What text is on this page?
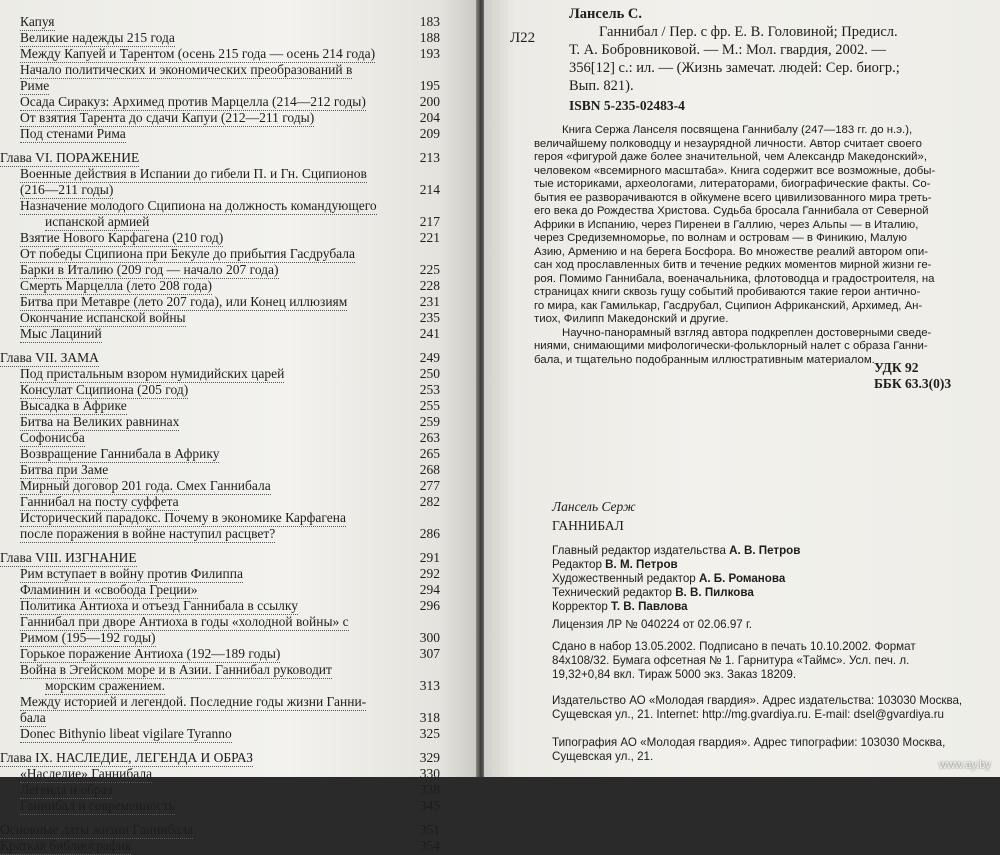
Капуя	183
Великие надежды 215 года	188
Между Капуей и Тарентом (осень 215 года — осень 214 года)	193
Начало политических и экономических преобразований в
Риме	195
Осада Сиракуз: Архимед против Марцелла (214—212 годы)	200
От взятия Тарента до сдачи Капуи (212—211 годы)	204
Под стенами Рима	209
Глава VI. ПОРАЖЕНИЕ	213
Военные действия в Испании до гибели П. и Гн. Сципионов
(216—211 годы)	214
Назначение молодого Сципиона на должность командующего
испанской армией	217
Взятие Нового Карфагена (210 год)	221
От победы Сципиона при Бекуле до прибытия Гасдрубала
Барки в Италию (209 год — начало 207 года)	225
Смерть Марцелла (лето 208 года)	228
Битва при Метавре (лето 207 года), или Конец иллюзиям	231
Окончание испанской войны	235
Мыс Лациний	241
Глава VII. ЗАМА	249
Под пристальным взором нумидийских царей	250
Консулат Сципиона (205 год)	253
Высадка в Африке	255
Битва на Великих равнинах	259
Софонисба	263
Возвращение Ганнибала в Африку	265
Битва при Заме	268
Мирный договор 201 года. Смех Ганнибала	277
Ганнибал на посту суффета	282
Исторический парадокс. Почему в экономике Карфагена
после поражения в войне наступил расцвет?	286
Глава VIII. ИЗГНАНИЕ	291
Рим вступает в войну против Филиппа	292
Фламинин и «свобода Греции»	294
Политика Антиоха и отъезд Ганнибала в ссылку	296
Ганнибал при дворе Антиоха в годы «холодной войны» с
Римом (195—192 годы)	300
Горькое поражение Антиоха (192—189 годы)	307
Война в Эгейском море и в Азии. Ганнибал руководит
морским сражением.	313
Между историей и легендой. Последние годы жизни Ганни-
бала	318
Donec Bithynio libeat vigilare Tyranno	325
Глава IX. НАСЛЕДИЕ, ЛЕГЕНДА И ОБРАЗ	329
«Наследие» Ганнибала	330
Легенда и образ	338
Ганнибал и современность	345
Основные даты жизни Ганнибала	351
Краткая библиография	354
Л22
Лансель С.
Ганнибал / Пер. с фр. Е. В. Головиной; Предисл.
Т. А. Бобровниковой. — М.: Мол. гвардия, 2002. —
356[12] с.: ил. — (Жизнь замечат. людей: Сер. биогр.;
Вып. 821).
ISBN 5-235-02483-4
Книга Сержа Ланселя посвящена Ганнибалу (247—183 гг. до н.э.),
величайшему полководцу и незаурядной личности. Автор считает своего
героя «фигурой даже более значительной, чем Александр Македонский»,
человеком «всемирного масштаба». Книга содержит все возможные, добы-
тые историками, археологами, литераторами, биографические факты. Со-
бытия ее разворачиваются в ойкумене всего цивилизованного мира треть-
его века до Рождества Христова. Судьба бросала Ганнибала от Северной
Африки в Испанию, через Пиренеи в Галлию, через Альпы — в Италию,
через Средиземноморье, по волнам и островам — в Финикию, Малую
Азию, Армению и на берега Босфора. Во множестве реалий автором опи-
сан ход прославленных битв и течение редких моментов мирной жизни ге-
роя. Помимо Ганнибала, военачальника, флотоводца и градостроителя, на
страницах книги сквозь гущу событий пробиваются такие герои антично-
го мира, как Гамилькар, Гасдрубал, Сципион Африканский, Архимед, Ан-
тиох, Филипп Македонский и другие.
Научно-панорамный взгляд автора подкреплен достоверными сведе-
ниями, снимающими мифологически-фольклорный налет с образа Ганни-
бала, и тщательно подобранным иллюстративным материалом.
УДК 92
ББК 63.3(0)3
Лансель Серж
ГАННИБАЛ
Главный редактор издательства А. В. Петров
Редактор В. М. Петров
Художественный редактор А. Б. Романова
Технический редактор В. В. Пилкова
Корректор Т. В. Павлова
Лицензия ЛР № 040224 от 02.06.97 г.
Сдано в набор 13.05.2002. Подписано в печать 10.10.2002. Формат
84x108/32. Бумага офсетная № 1. Гарнитура «Таймс». Усл. печ. л.
19,32+0,84 вкл. Тираж 5000 экз. Заказ 18209.
Издательство АО «Молодая гвардия». Адрес издательства: 103030 Москва,
Сущевская ул., 21. Internet: http://mg.gvardiya.ru. E-mail: dsel@gvardiya.ru
Типография АО «Молодая гвардия». Адрес типографии: 103030 Москва,
Сущевская ул., 21.
www.ay.by
